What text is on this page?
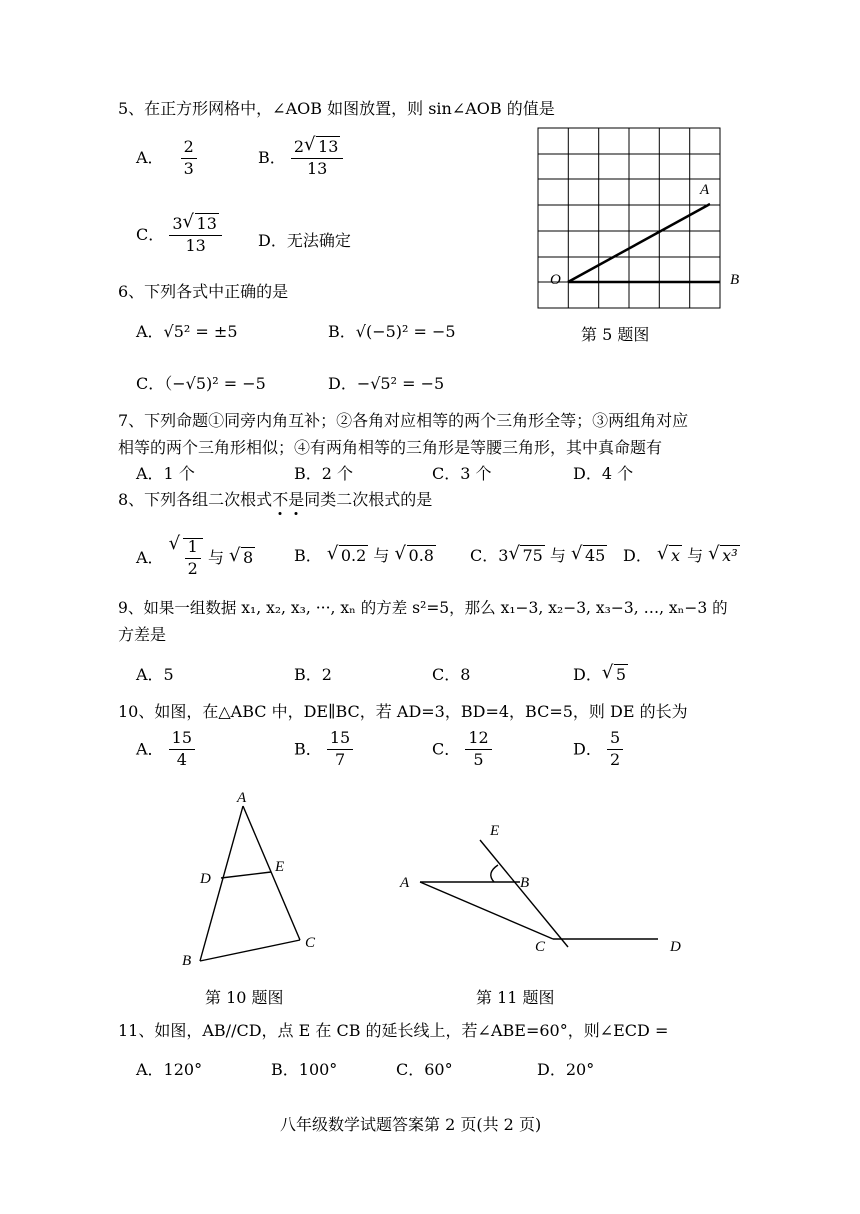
5、在正方形网格中，∠AOB 如图放置，则 sin∠AOB 的值是
A． $\frac{2}{3}$	B． $\frac{2 √ 13}{13}$
C． $\frac{3 √ 13}{13}$ D．无法确定
A
O	B
第 5 题图
6、下列各式中正确的是
A．√5² = ±5	B．√(−5)² = −5
C．（−√5)² = −5	D．−√5² = −5
7、下列命题①同旁内角互补；②各角对应相等的两个三角形全等；③两组角对应
相等的两个三角形相似；④有两角相等的三角形是等腰三角形，其中真命题有
A．1 个	B．2 个	C．3 个	D．4 个
8、下列各组二次根式不是同类二次根式的是
A． √ $\frac{1}{2}$ 与 √ 8	B． √ 0.2 与 √ 0.8 C．3 √ 75 与 √ 45 D． √ x 与 √ x³
9、如果一组数据 x₁, x₂, x₃, ···, xₙ 的方差 s²=5，那么 x₁−3, x₂−3, x₃−3, …, xₙ−3 的
方差是
A．5	B．2	C．8	D． √ 5
10、如图，在△ABC 中，DE∥BC，若 AD=3，BD=4，BC=5，则 DE 的长为
A． $\frac{15}{4}$	B． $\frac{15}{7}$	C． $\frac{12}{5}$	D． $\frac{5}{2}$
A
D
E
B
C
第 10 题图
E
A	B
C	D
第 11 题图
11、如图，AB//CD，点 E 在 CB 的延长线上，若∠ABE=60°，则∠ECD =
A．120°	B．100°	C．60°	D．20°
八年级数学试题答案第 2 页(共 2 页)
